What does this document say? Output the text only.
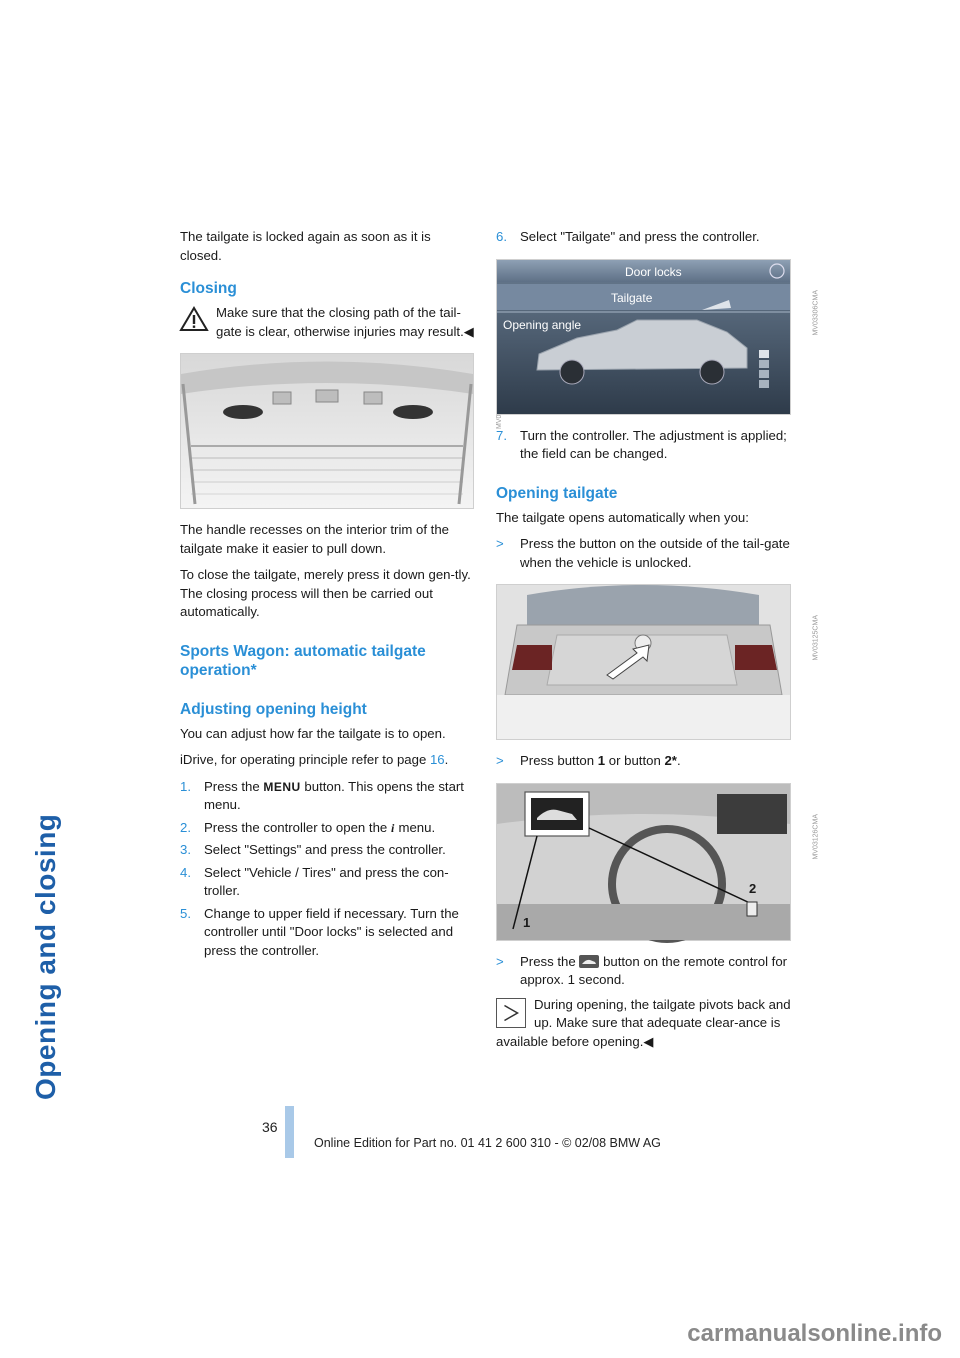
Opening and closing

The tailgate is locked again as soon as it is closed.

Closing
Make sure that the closing path of the tail-gate is clear, otherwise injuries may result.◀

The handle recesses on the interior trim of the tailgate make it easier to pull down.

To close the tailgate, merely press it down gen-tly. The closing process will then be carried out automatically.

Sports Wagon: automatic tailgate operation*
Adjusting opening height

You can adjust how far the tailgate is to open.

iDrive, for operating principle refer to page 16.

1. Press the MENU button. This opens the start menu.
2. Press the controller to open the i menu.
3. Select "Settings" and press the controller.
4. Select "Vehicle / Tires" and press the con-troller.
5. Change to upper field if necessary. Turn the controller until "Door locks" is selected and press the controller.
6. Select "Tailgate" and press the controller.
Door locks
Tailgate
Opening angle	MV03306CMA
7. Turn the controller. The adjustment is applied; the field can be changed.
Opening tailgate

The tailgate opens automatically when you:

>	Press the button on the outside of the tail-gate when the vehicle is unlocked.
MV03125CMA
>	Press button 1 or button 2*.
1
2
MV03126CMA
>	Press the button on the remote control for approx. 1 second.
During opening, the tailgate pivots back and up. Make sure that adequate clear-ance is available before opening.◀
36
Online Edition for Part no. 01 41 2 600 310 - © 02/08 BMW AG
carmanualsonline.info
